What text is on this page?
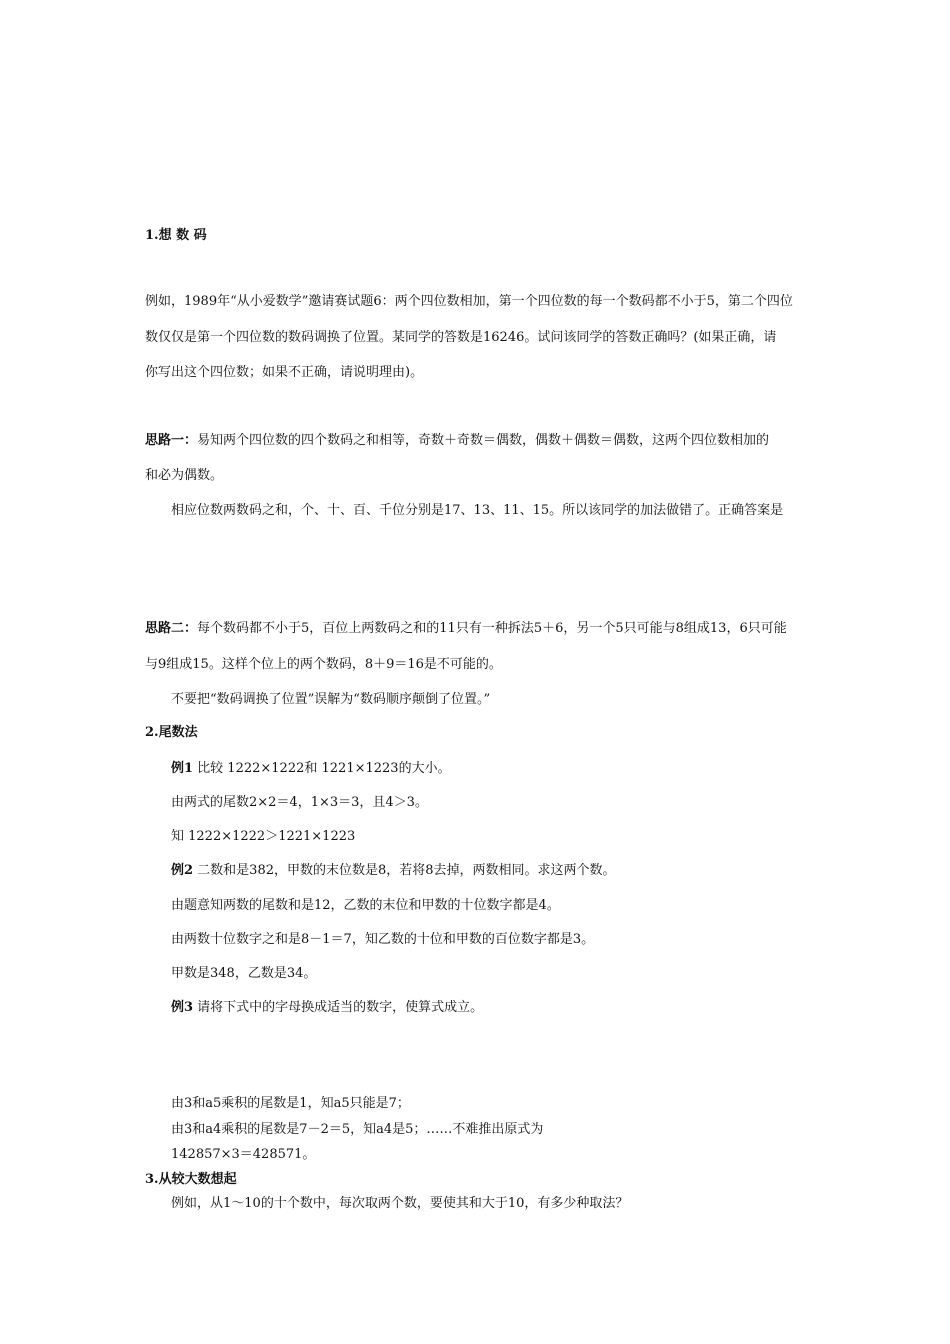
1.想 数 码
例如，1989年“从小爱数学”邀请赛试题6：两个四位数相加，第一个四位数的每一个数码都不小于5，第二个四位
数仅仅是第一个四位数的数码调换了位置。某同学的答数是16246。试问该同学的答数正确吗？(如果正确，请
你写出这个四位数；如果不正确，请说明理由)。
思路一：易知两个四位数的四个数码之和相等，奇数＋奇数＝偶数，偶数＋偶数＝偶数，这两个四位数相加的
和必为偶数。
相应位数两数码之和，个、十、百、千位分别是17、13、11、15。所以该同学的加法做错了。正确答案是
思路二：每个数码都不小于5，百位上两数码之和的11只有一种拆法5＋6，另一个5只可能与8组成13，6只可能
与9组成15。这样个位上的两个数码，8＋9＝16是不可能的。
不要把“数码调换了位置”误解为“数码顺序颠倒了位置。”
2.尾数法
例1 比较 1222×1222和 1221×1223的大小。
由两式的尾数2×2＝4，1×3＝3，且4＞3。
知 1222×1222＞1221×1223
例2 二数和是382，甲数的末位数是8，若将8去掉，两数相同。求这两个数。
由题意知两数的尾数和是12，乙数的末位和甲数的十位数字都是4。
由两数十位数字之和是8－1＝7，知乙数的十位和甲数的百位数字都是3。
甲数是348，乙数是34。
例3 请将下式中的字母换成适当的数字，使算式成立。
由3和a5乘积的尾数是1，知a5只能是7；
由3和a4乘积的尾数是7－2＝5，知a4是5；……不难推出原式为
142857×3＝428571。
3.从较大数想起
例如，从1～10的十个数中，每次取两个数，要使其和大于10，有多少种取法？
